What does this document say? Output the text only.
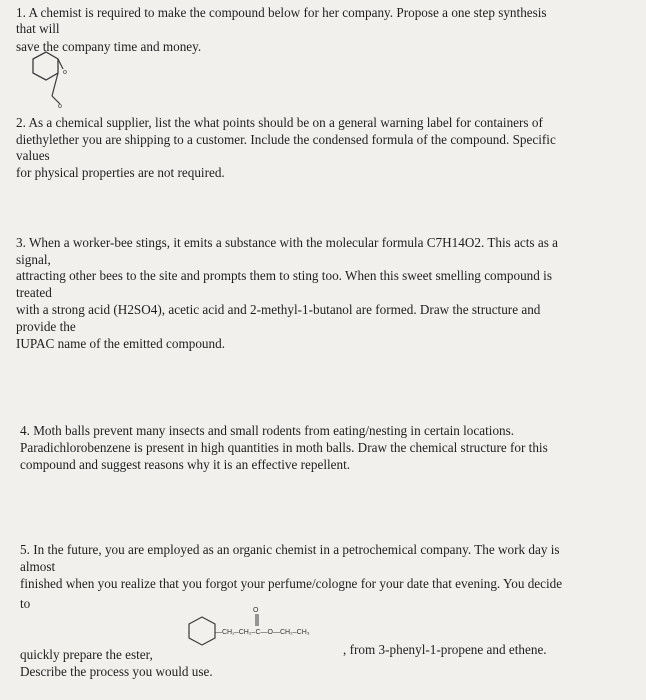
1. A chemist is required to make the compound below for her company. Propose a one step synthesis
that will
save the company time and money.
o
o
2. As a chemical supplier, list the what points should be on a general warning label for containers of
diethylether you are shipping to a customer. Include the condensed formula of the compound. Specific
values
for physical properties are not required.
3. When a worker-bee stings, it emits a substance with the molecular formula C7H14O2. This acts as a
signal,
attracting other bees to the site and prompts them to sting too. When this sweet smelling compound is
treated
with a strong acid (H2SO4), acetic acid and 2-methyl-1-butanol are formed. Draw the structure and
provide the
IUPAC name of the emitted compound.
4. Moth balls prevent many insects and small rodents from eating/nesting in certain locations.
Paradichlorobenzene is present in high quantities in moth balls. Draw the chemical structure for this
compound and suggest reasons why it is an effective repellent.
5. In the future, you are employed as an organic chemist in a petrochemical company. The work day is
almost
finished when you realize that you forgot your perfume/cologne for your date that evening. You decide
to
quickly prepare the ester,	, from 3-phenyl-1-propene and ethene.
Describe the process you would use.
O
—CH₂–CH₂–C—O—CH₂–CH₃
